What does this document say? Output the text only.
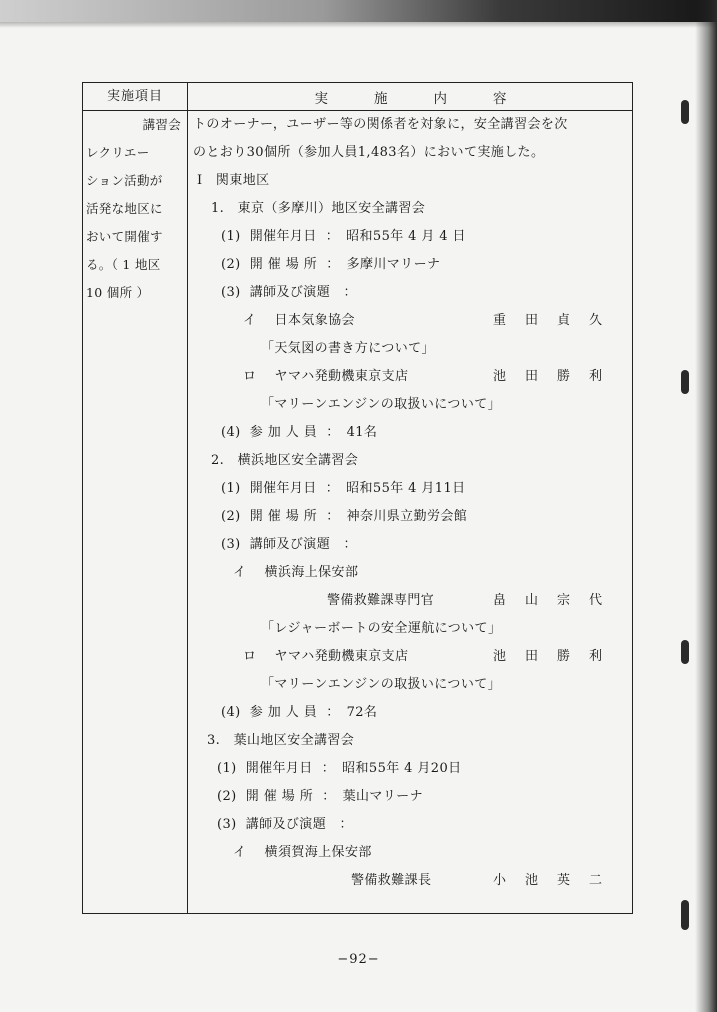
実施項目	実	施	内	容
講習会
レクリエー
ション活動が
活発な地区に
おいて開催す
る。（ 1 地区
10 個所 ）
トのオーナー，ユーザー等の関係者を対象に，安全講習会を次
のとおり30個所（参加人員1,483名）において実施した。
Ⅰ　関東地区
1.　東京（多摩川）地区安全講習会
(1) 開催年月日 ：　昭和55年 4 月 4 日
(2) 開催場所 ：　多摩川マリーナ
(3) 講師及び演題　：
イ 日本気象協会	重田貞久
「天気図の書き方について」
ロ ヤマハ発動機東京支店	池田勝利
「マリーンエンジンの取扱いについて」
(4) 参加人員 ：　41名
2.　横浜地区安全講習会
(1) 開催年月日 ：　昭和55年 4 月11日
(2) 開催場所 ：　神奈川県立勤労会館
(3) 講師及び演題　：
イ 横浜海上保安部
警備救難課専門官	畠山宗代
「レジャーボートの安全運航について」
ロ ヤマハ発動機東京支店	池田勝利
「マリーンエンジンの取扱いについて」
(4) 参加人員 ：　72名
3.　葉山地区安全講習会
(1) 開催年月日 ：　昭和55年 4 月20日
(2) 開催場所 ：　葉山マリーナ
(3) 講師及び演題　：
イ 横須賀海上保安部
警備救難課長	小池英二
−92−
